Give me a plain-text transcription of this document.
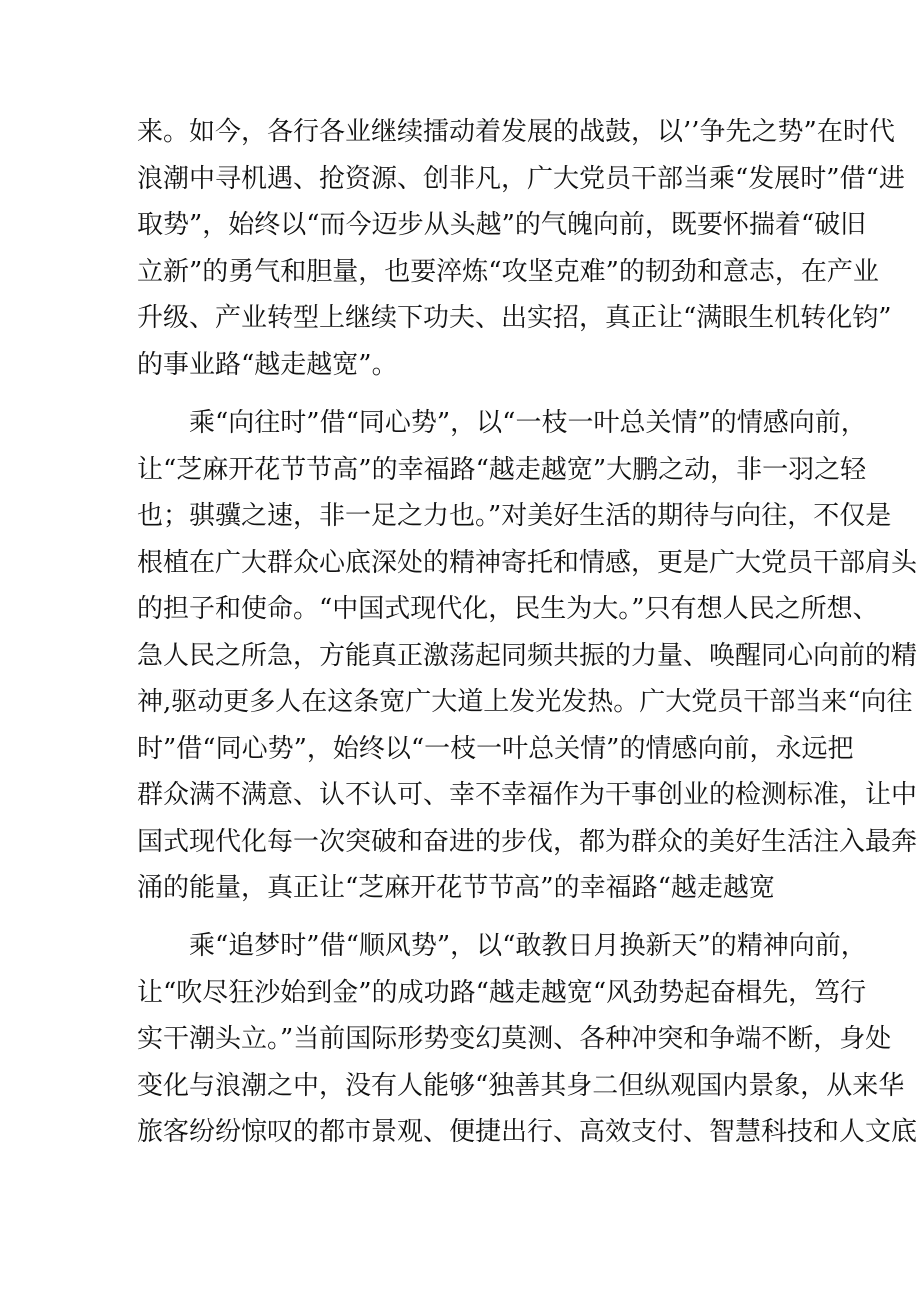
来。如今，各行各业继续擂动着发展的战鼓，以’’争先之势”在时代
浪潮中寻机遇、抢资源、创非凡，广大党员干部当乘“发展时”借“进
取势”，始终以“而今迈步从头越”的气魄向前，既要怀揣着“破旧
立新”的勇气和胆量，也要淬炼“攻坚克难”的韧劲和意志，在产业
升级、产业转型上继续下功夫、出实招，真正让“满眼生机转化钧”
的事业路“越走越宽”。
　　乘“向往时”借“同心势”，以“一枝一叶总关情”的情感向前，
让“芝麻开花节节高”的幸福路“越走越宽”大鹏之动，非一羽之轻
也；骐骥之速，非一足之力也。”对美好生活的期待与向往，不仅是
根植在广大群众心底深处的精神寄托和情感，更是广大党员干部肩头
的担子和使命。“中国式现代化，民生为大。”只有想人民之所想、
急人民之所急，方能真正激荡起同频共振的力量、唤醒同心向前的精
神,驱动更多人在这条宽广大道上发光发热。广大党员干部当来“向往
时”借“同心势”，始终以“一枝一叶总关情”的情感向前，永远把
群众满不满意、认不认可、幸不幸福作为干事创业的检测标准，让中
国式现代化每一次突破和奋进的步伐，都为群众的美好生活注入最奔
涌的能量，真正让“芝麻开花节节高”的幸福路“越走越宽
　　乘“追梦时”借“顺风势”，以“敢教日月换新天”的精神向前，
让“吹尽狂沙始到金”的成功路“越走越宽“风劲势起奋楫先，笃行
实干潮头立。”当前国际形势变幻莫测、各种冲突和争端不断，身处
变化与浪潮之中，没有人能够“独善其身二但纵观国内景象，从来华
旅客纷纷惊叹的都市景观、便捷出行、高效支付、智慧科技和人文底
